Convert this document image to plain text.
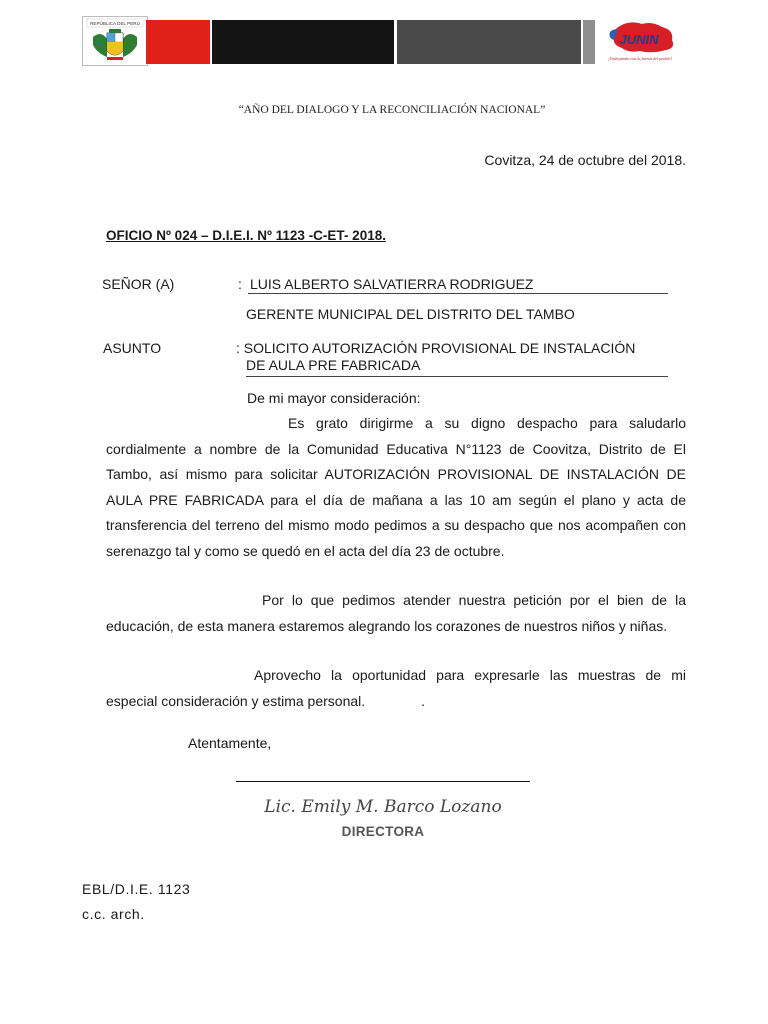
REPÚBLICA DEL PERÚ
JUNIN
¡Trabajando con la fuerza del pueblo!
“AÑO DEL DIALOGO Y LA RECONCILIACIÓN NACIONAL”
Covitza, 24 de octubre del 2018.
OFICIO Nº 024 – D.I.E.I. Nº 1123 -C-ET- 2018.
SEÑOR (A)	: LUIS ALBERTO SALVATIERRA RODRIGUEZ
GERENTE MUNICIPAL DEL DISTRITO DEL TAMBO
ASUNTO	: SOLICITO AUTORIZACIÓN PROVISIONAL DE INSTALACIÓN
DE AULA PRE FABRICADA
De mi mayor consideración:

Es grato dirigirme a su digno despacho para saludarlo cordialmente a nombre de la Comunidad Educativa N°1123 de Coovitza, Distrito de El Tambo, así mismo para solicitar AUTORIZACIÓN PROVISIONAL DE INSTALACIÓN DE AULA PRE FABRICADA para el día de mañana a las 10 am según el plano y acta de transferencia del terreno del mismo modo pedimos a su despacho que nos acompañen con serenazgo tal y como se quedó en el acta del día 23 de octubre.

Por lo que pedimos atender nuestra petición por el bien de la educación, de esta manera estaremos alegrando los corazones de nuestros niños y niñas.

Aprovecho la oportunidad para expresarle las muestras de mi especial consideración y estima personal.	.

Atentamente,
Lic. Emily M. Barco Lozano
DIRECTORA
EBL/D.I.E. 1123
c.c. arch.
